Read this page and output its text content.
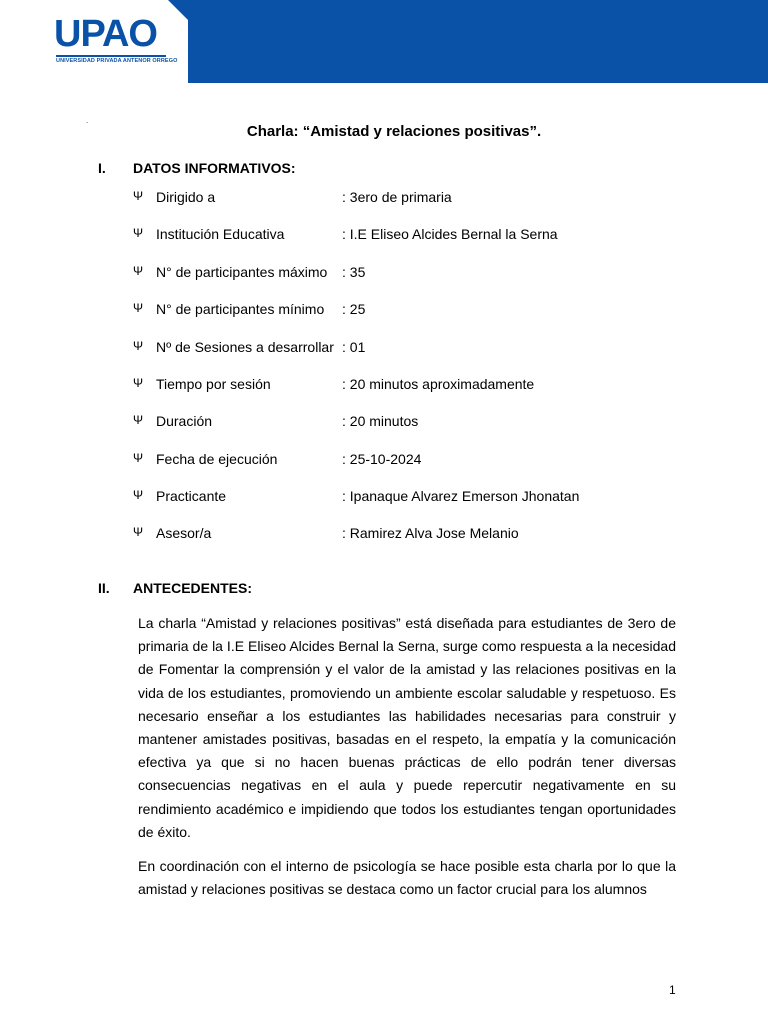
UPAO
UNIVERSIDAD PRIVADA ANTENOR ORREGO
.
Charla: “Amistad y relaciones positivas”.
I. DATOS INFORMATIVOS:
Ψ Dirigido a	: 3ero de primaria
Ψ Institución Educativa	: I.E Eliseo Alcides Bernal la Serna
Ψ N° de participantes máximo : 35
Ψ N° de participantes mínimo : 25
Ψ Nº de Sesiones a desarrollar : 01
Ψ Tiempo por sesión	: 20 minutos aproximadamente
Ψ Duración	: 20 minutos
Ψ Fecha de ejecución	: 25-10-2024
Ψ Practicante	: Ipanaque Alvarez Emerson Jhonatan
Ψ Asesor/a	: Ramirez Alva Jose Melanio
II. ANTECEDENTES:

La charla “Amistad y relaciones positivas” está diseñada para estudiantes de 3ero de primaria de la I.E Eliseo Alcides Bernal la Serna, surge como respuesta a la necesidad de Fomentar la comprensión y el valor de la amistad y las relaciones positivas en la vida de los estudiantes, promoviendo un ambiente escolar saludable y respetuoso. Es necesario enseñar a los estudiantes las habilidades necesarias para construir y mantener amistades positivas, basadas en el respeto, la empatía y la comunicación efectiva ya que si no hacen buenas prácticas de ello podrán tener diversas consecuencias negativas en el aula y puede repercutir negativamente en su rendimiento académico e impidiendo que todos los estudiantes tengan oportunidades de éxito.

En coordinación con el interno de psicología se hace posible esta charla por lo que la amistad y relaciones positivas se destaca como un factor crucial para los alumnos

1
